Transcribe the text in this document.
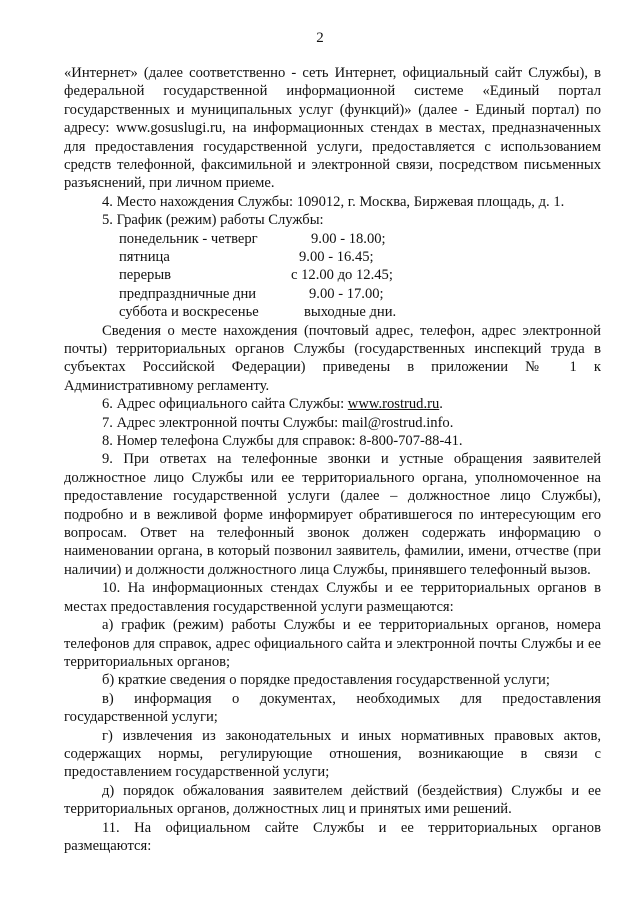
2

«Интернет» (далее соответственно - сеть Интернет, официальный сайт Службы), в федеральной государственной информационной системе «Единый портал государственных и муниципальных услуг (функций)» (далее - Единый портал) по адресу: www.gosuslugi.ru, на информационных стендах в местах, предназначенных для предоставления государственной услуги, предоставляется с использованием средств телефонной, факсимильной и электронной связи, посредством письменных разъяснений, при личном приеме.

4. Место нахождения Службы: 109012, г. Москва, Биржевая площадь, д. 1.

5. График (режим) работы Службы:

понедельник - четверг	9.00 - 18.00;
пятница	9.00 - 16.45;
перерыв	с 12.00 до 12.45;
предпраздничные дни	9.00 - 17.00;
суббота и воскресенье	выходные дни.

Сведения о месте нахождения (почтовый адрес, телефон, адрес электронной почты) территориальных органов Службы (государственных инспекций труда в субъектах Российской Федерации) приведены в приложении № 1 к Административному регламенту.

6. Адрес официального сайта Службы: www.rostrud.ru.

7. Адрес электронной почты Службы: mail@rostrud.info.

8. Номер телефона Службы для справок: 8-800-707-88-41.

9. При ответах на телефонные звонки и устные обращения заявителей должностное лицо Службы или ее территориального органа, уполномоченное на предоставление государственной услуги (далее – должностное лицо Службы), подробно и в вежливой форме информирует обратившегося по интересующим его вопросам. Ответ на телефонный звонок должен содержать информацию о наименовании органа, в который позвонил заявитель, фамилии, имени, отчестве (при наличии) и должности должностного лица Службы, принявшего телефонный вызов.

10. На информационных стендах Службы и ее территориальных органов в местах предоставления государственной услуги размещаются:

а) график (режим) работы Службы и ее территориальных органов, номера телефонов для справок, адрес официального сайта и электронной почты Службы и ее территориальных органов;

б) краткие сведения о порядке предоставления государственной услуги;

в) информация о документах, необходимых для предоставления государственной услуги;

г) извлечения из законодательных и иных нормативных правовых актов, содержащих нормы, регулирующие отношения, возникающие в связи с предоставлением государственной услуги;

д) порядок обжалования заявителем действий (бездействия) Службы и ее территориальных органов, должностных лиц и принятых ими решений.

11. На официальном сайте Службы и ее территориальных органов размещаются:
